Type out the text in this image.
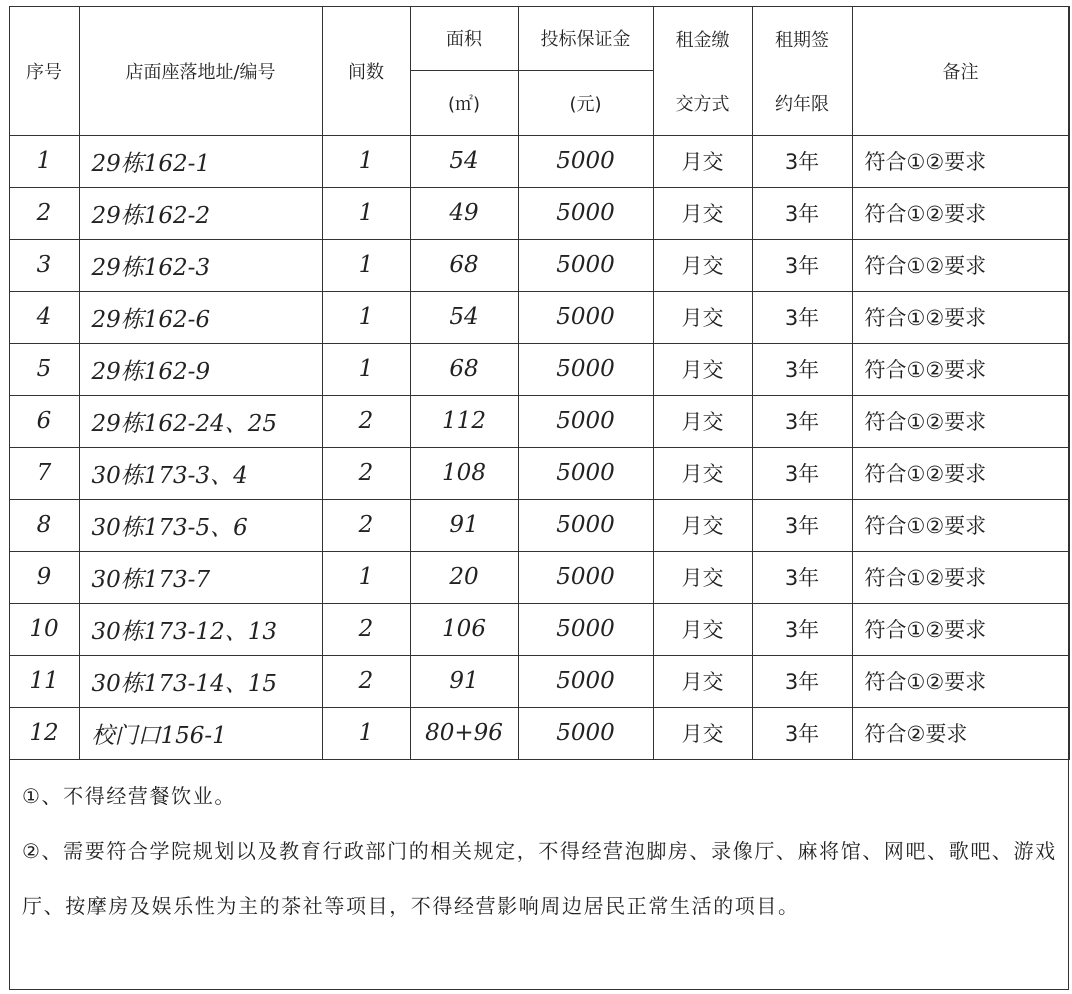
序号	店面座落地址/编号	间数	面积	投标保证金	租金缴	租期签	备注
			(㎡)	(元)	交方式	约年限	
1	29栋162-1	1	54	5000	月交	3年	符合①②要求
2	29栋162-2	1	49	5000	月交	3年	符合①②要求
3	29栋162-3	1	68	5000	月交	3年	符合①②要求
4	29栋162-6	1	54	5000	月交	3年	符合①②要求
5	29栋162-9	1	68	5000	月交	3年	符合①②要求
6	29栋162-24、25	2	112	5000	月交	3年	符合①②要求
7	30栋173-3、4	2	108	5000	月交	3年	符合①②要求
8	30栋173-5、6	2	91	5000	月交	3年	符合①②要求
9	30栋173-7	1	20	5000	月交	3年	符合①②要求
10	30栋173-12、13	2	106	5000	月交	3年	符合①②要求
11	30栋173-14、15	2	91	5000	月交	3年	符合①②要求
12	校门口156-1	1	80+96	5000	月交	3年	符合②要求

①、不得经营餐饮业。

②、需要符合学院规划以及教育行政部门的相关规定，不得经营泡脚房、录像厅、麻将馆、网吧、歌吧、游戏厅、按摩房及娱乐性为主的茶社等项目，不得经营影响周边居民正常生活的项目。
